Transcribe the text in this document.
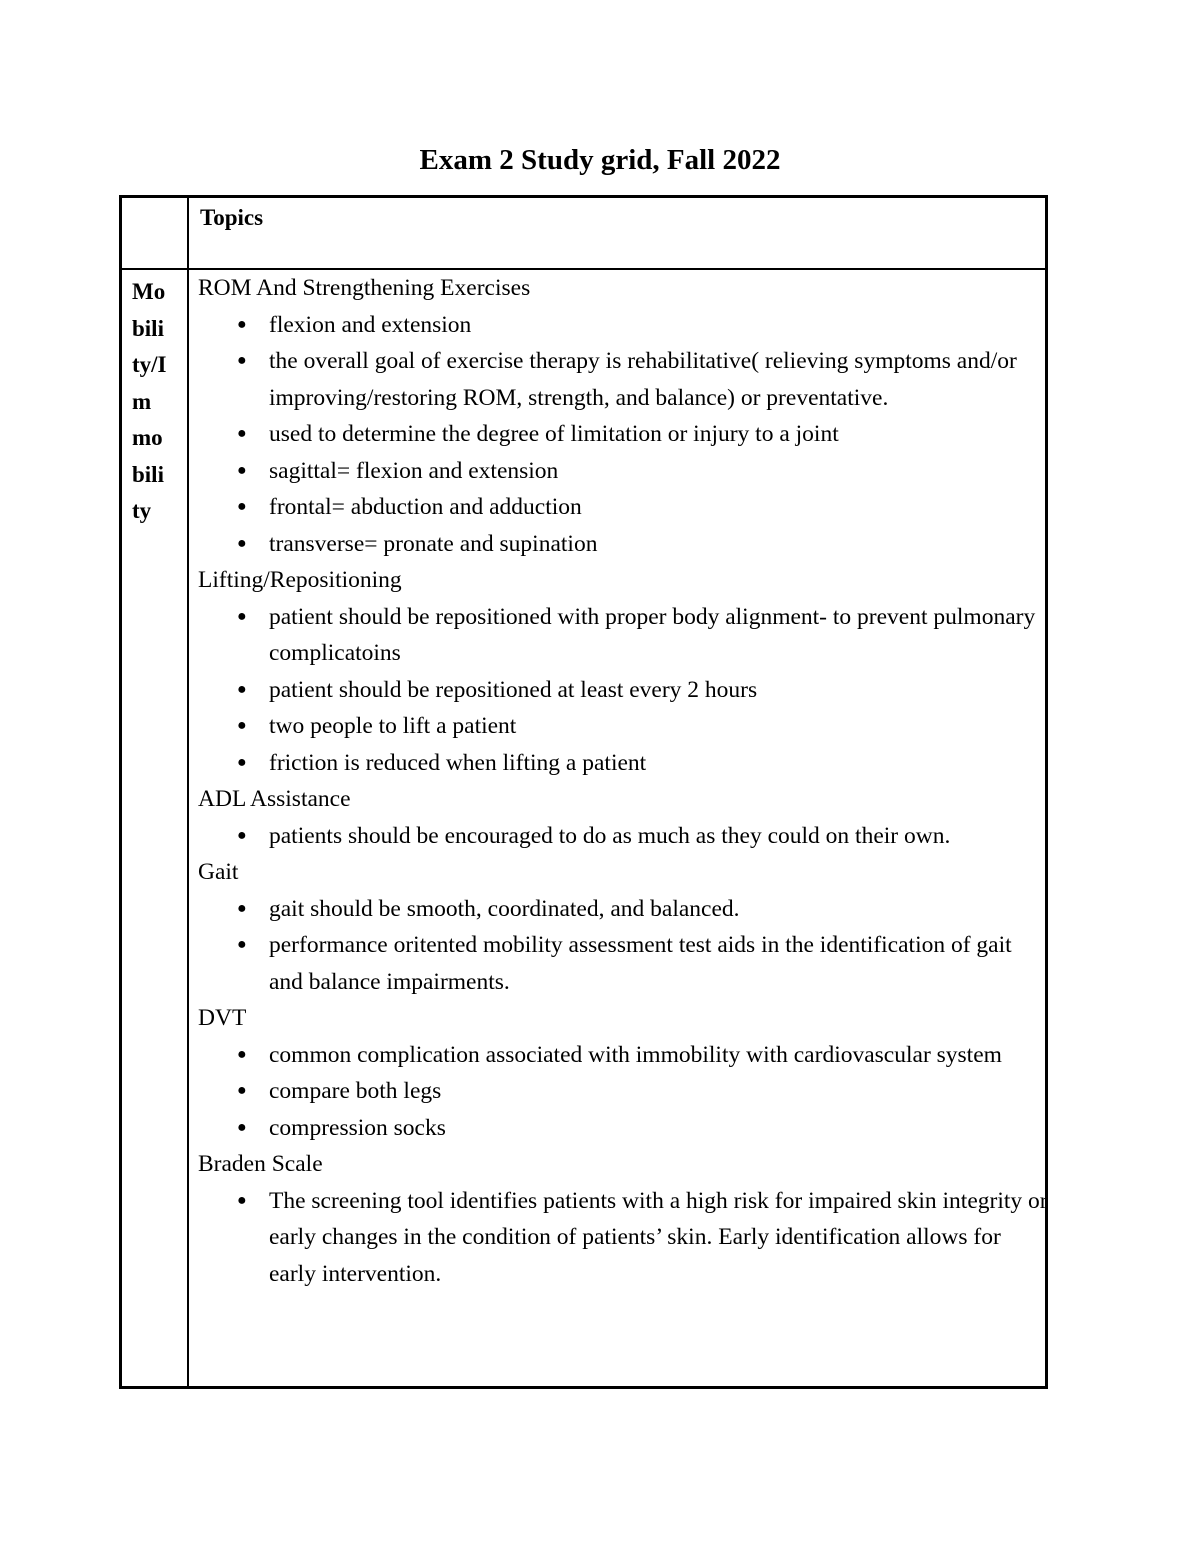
Exam 2 Study grid, Fall 2022
Topics
Mo
bili
ty/I
m
mo
bili
ty
ROM And Strengthening Exercises
● flexion and extension
● the overall goal of exercise therapy is rehabilitative( relieving symptoms and/or improving/restoring ROM, strength, and balance) or preventative.
● used to determine the degree of limitation or injury to a joint
● sagittal= flexion and extension
● frontal= abduction and adduction
● transverse= pronate and supination
Lifting/Repositioning
● patient should be repositioned with proper body alignment- to prevent pulmonary complicatoins
● patient should be repositioned at least every 2 hours
● two people to lift a patient
● friction is reduced when lifting a patient
ADL Assistance
● patients should be encouraged to do as much as they could on their own.
Gait
● gait should be smooth, coordinated, and balanced.
● performance oritented mobility assessment test aids in the identification of gait and balance impairments.
DVT
● common complication associated with immobility with cardiovascular system
● compare both legs
● compression socks
Braden Scale
● The screening tool identifies patients with a high risk for impaired skin integrity or early changes in the condition of patients’ skin. Early identification allows for early intervention.
